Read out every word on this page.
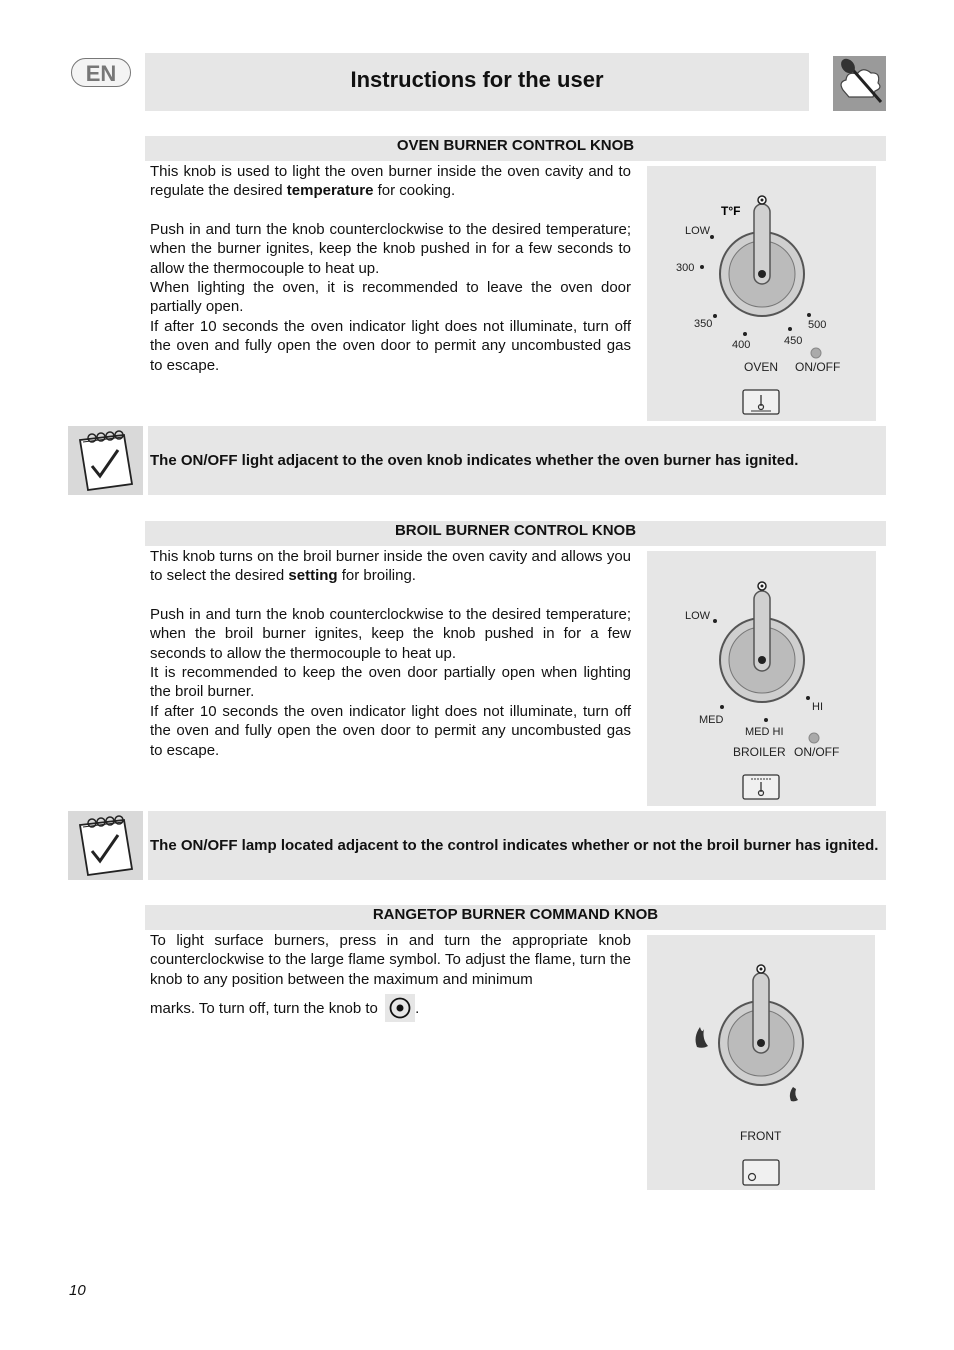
EN	Instructions for the user
OVEN BURNER CONTROL KNOB

This knob is used to light the oven burner inside the oven cavity and to regulate the desired temperature for cooking.

Push in and turn the knob counterclockwise to the desired temperature; when the burner ignites, keep the knob pushed in for a few seconds to allow the thermocouple to heat up.

When lighting the oven, it is recommended to leave the oven door partially open.

If after 10 seconds the oven indicator light does not illuminate, turn off the oven and fully open the oven door to permit any uncombusted gas to escape.

T°F
LOW
300
350
400	450
500
OVEN ON/OFF
The ON/OFF light adjacent to the oven knob indicates whether the oven burner has ignited.
BROIL BURNER CONTROL KNOB

This knob turns on the broil burner inside the oven cavity and allows you to select the desired setting for broiling.

Push in and turn the knob counterclockwise to the desired temperature; when the broil burner ignites, keep the knob pushed in for a few seconds to allow the thermocouple to heat up.

It is recommended to keep the oven door partially open when lighting the broil burner.

If after 10 seconds the oven indicator light does not illuminate, turn off the oven and fully open the oven door to permit any uncombusted gas to escape.

LOW
MED
MED HI
HI
BROILER ON/OFF
The ON/OFF lamp located adjacent to the control indicates whether or not the broil burner has ignited.
RANGETOP BURNER COMMAND KNOB

To light surface burners, press in and turn the appropriate knob counterclockwise to the large flame symbol. To adjust the flame, turn the knob to any position between the maximum and minimum

marks. To turn off, turn the knob to .

FRONT
10
